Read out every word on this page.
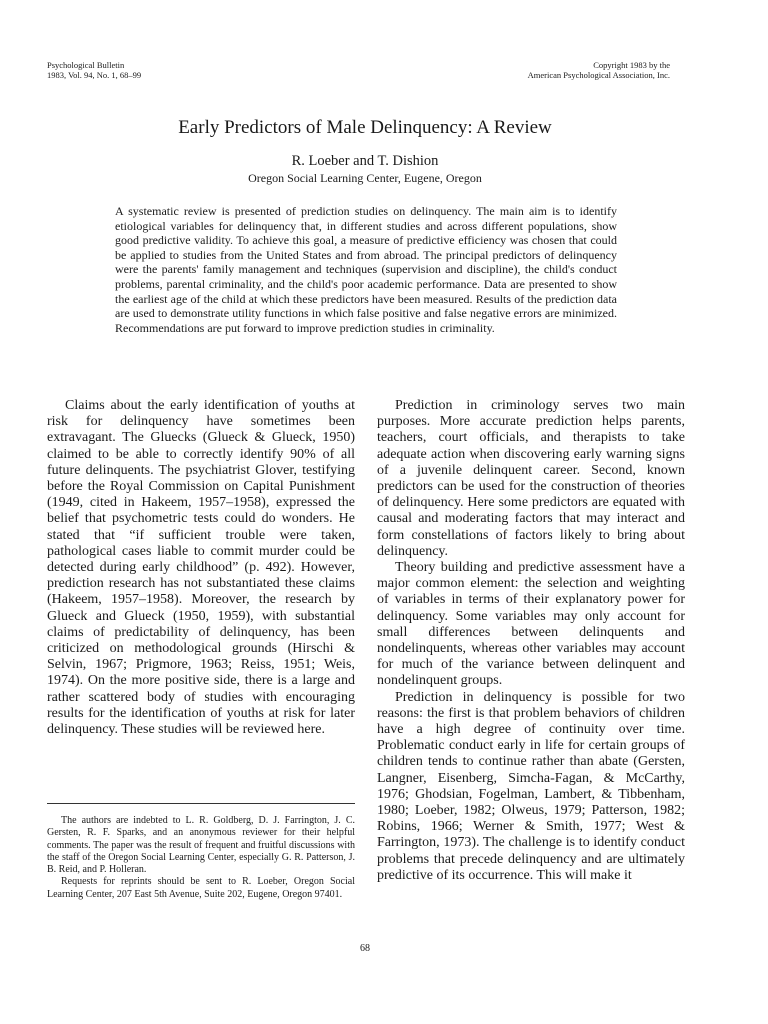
Psychological Bulletin
1983, Vol. 94, No. 1, 68–99
Copyright 1983 by the
American Psychological Association, Inc.
Early Predictors of Male Delinquency: A Review
R. Loeber and T. Dishion
Oregon Social Learning Center, Eugene, Oregon

A systematic review is presented of prediction studies on delinquency. The main aim is to identify etiological variables for delinquency that, in different studies and across different populations, show good predictive validity. To achieve this goal, a measure of predictive efficiency was chosen that could be applied to studies from the United States and from abroad. The principal predictors of delinquency were the parents' family management and techniques (supervision and discipline), the child's conduct problems, parental criminality, and the child's poor academic performance. Data are presented to show the earliest age of the child at which these predictors have been measured. Results of the prediction data are used to demonstrate utility functions in which false positive and false negative errors are minimized. Recommendations are put forward to improve prediction studies in criminality.

Claims about the early identification of youths at risk for delinquency have sometimes been extravagant. The Gluecks (Glueck & Glueck, 1950) claimed to be able to correctly identify 90% of all future delinquents. The psychiatrist Glover, testifying before the Royal Commission on Capital Punishment (1949, cited in Hakeem, 1957–1958), expressed the belief that psychometric tests could do wonders. He stated that “if sufficient trouble were taken, pathological cases liable to commit murder could be detected during early childhood” (p. 492). However, prediction research has not substantiated these claims (Hakeem, 1957–1958). Moreover, the research by Glueck and Glueck (1950, 1959), with substantial claims of predictability of delinquency, has been criticized on methodological grounds (Hirschi & Selvin, 1967; Prigmore, 1963; Reiss, 1951; Weis, 1974). On the more positive side, there is a large and rather scattered body of studies with encouraging results for the identification of youths at risk for later delinquency. These studies will be reviewed here.

The authors are indebted to L. R. Goldberg, D. J. Farrington, J. C. Gersten, R. F. Sparks, and an anonymous reviewer for their helpful comments. The paper was the result of frequent and fruitful discussions with the staff of the Oregon Social Learning Center, especially G. R. Patterson, J. B. Reid, and P. Holleran.

Requests for reprints should be sent to R. Loeber, Oregon Social Learning Center, 207 East 5th Avenue, Suite 202, Eugene, Oregon 97401.

Prediction in criminology serves two main purposes. More accurate prediction helps parents, teachers, court officials, and therapists to take adequate action when discovering early warning signs of a juvenile delinquent career. Second, known predictors can be used for the construction of theories of delinquency. Here some predictors are equated with causal and moderating factors that may interact and form constellations of factors likely to bring about delinquency.

Theory building and predictive assessment have a major common element: the selection and weighting of variables in terms of their explanatory power for delinquency. Some variables may only account for small differences between delinquents and nondelinquents, whereas other variables may account for much of the variance between delinquent and nondelinquent groups.

Prediction in delinquency is possible for two reasons: the first is that problem behaviors of children have a high degree of continuity over time. Problematic conduct early in life for certain groups of children tends to continue rather than abate (Gersten, Langner, Eisenberg, Simcha-Fagan, & McCarthy, 1976; Ghodsian, Fogelman, Lambert, & Tibbenham, 1980; Loeber, 1982; Olweus, 1979; Patterson, 1982; Robins, 1966; Werner & Smith, 1977; West & Farrington, 1973). The challenge is to identify conduct problems that precede delinquency and are ultimately predictive of its occurrence. This will make it

68
